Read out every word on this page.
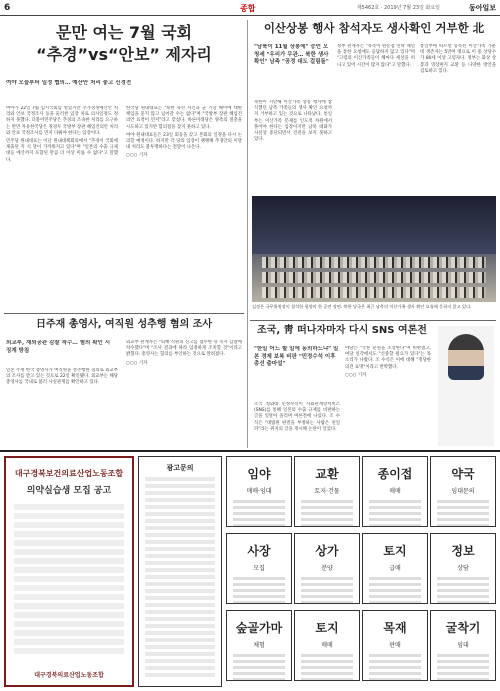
6	종합	제5462호 · 2019년 7월 23일 화요일	동아일보
문만 여는 7월 국회
“추경”vs“안보” 제자리
여야 오늘부터 일정 협의… 예산안 처리 놓고 신경전

여야가 22일 7월 임시국회를 열었지만 추가경정예산안 처리와 안보 국정조사 등을 둘러싼 입장 차로 의사일정도 정하지 못했다. 더불어민주당은 추경의 조속한 처리를 요구하는 반면 자유한국당은 정경두 국방부 장관 해임건의안 처리와 안보 국정조사를 먼저 다뤄야 한다는 입장이다.

민주당 원내대표는 이날 원내대책회의에서 "추경이 국회에 제출된 지 석 달이 가까워지고 있다"며 "일본의 수출 규제 대응 예산까지 포함된 만큼 더 이상 미룰 수 없다"고 말했다.

한국당 원내대표는 "북한 목선 사건과 군 기강 해이에 대한 책임을 묻지 않고 넘어갈 수는 없다"며 "국방부 장관 해임건의안 표결이 먼저"라고 맞섰다. 바른미래당은 양측의 절충을 시도하고 있지만 합의점을 찾지 못하고 있다.

여야 원내대표들은 23일 회동을 갖고 본회의 일정을 다시 논의할 예정이다. 하지만 각 당의 입장이 팽팽해 추경안의 이달 내 처리도 불투명하다는 전망이 나온다.

○○○ 기자

日주재 총영사, 여직원 성추행 혐의 조사
외교부, 재외공관 감찰 착수… 혐의 확인 시 징계 방침

일본 주재 한국 총영사가 여직원을 성추행한 혐의로 외교부의 조사를 받고 있는 것으로 22일 확인됐다. 외교부는 해당 총영사를 국내로 불러 사실관계를 확인하고 있다.

외교부 관계자는 "피해 직원의 신고를 접수한 뒤 즉시 감찰에 착수했다"며 "조사 결과에 따라 엄정하게 조치할 것"이라고 밝혔다. 총영사는 혐의를 부인하는 것으로 알려졌다.

○○○ 기자

이산상봉 행사 참석자도 생사확인 거부한 北
"남북이 11월 상봉에" 증언 오청세 "우리가 무관… 북한 생사 확인" 남측 "공정 대도 걸림돌"

북한이 지난해 이산가족 상봉 행사에 참석했던 남측 가족들의 생사 확인 요청까지 거부하고 있는 것으로 나타났다. 통일부는 이산가족 문제를 인도적 차원에서 풀어야 한다는 입장이지만 남북 대화가 사실상 중단되면서 진전을 보지 못하고 있다.

정부 관계자는 "북측이 판문점 연락 채널을 통한 요청에도 응답하지 않고 있다"며 "고령의 이산가족들이 해마다 세상을 떠나고 있어 시간이 많지 않다"고 말했다.

통일부에 따르면 등록된 이산가족 가운데 생존자는 5만여 명으로 이 중 상당수가 80세 이상 고령자다. 정부는 화상 상봉과 영상편지 교환 등 다양한 방안을 검토하고 있다.

김정은 국무위원장이 참석한 평양의 한 공연 장면. 북한 당국은 최근 남측의 이산가족 생사 확인 요청에 응하지 않고 있다.
조국, 靑 떠나자마자 다시 SNS 여론전
"한일 어느 할 일에 동의하느냐" 일본 경제 보복 비판 "민정수석 이후 총선 출마설"

조국 청와대 민정수석이 사회관계망서비스(SNS)를 통해 일본의 수출 규제를 비판하는 글을 잇달아 올리며 여론전에 나섰다. 조 수석은 "대법원 판결을 부정하는 사람은 친일파"라는 취지의 글을 게시해 논란이 일었다.

야당은 "국론 분열을 조장한다"며 비판했고, 여당 일각에서도 "신중할 필요가 있다"는 목소리가 나왔다. 조 수석은 이에 대해 "정당한 의견 표명"이라고 반박했다.

○○○ 기자

대구경북보건의료산업노동조합
의약실습생 모집 공고
대구경북의료산업노동조합
광고문의	임야
매매·임대
교환
토지·건물
종이접
매매
약국
임대문의
사장
모집
상가
분양
토지
급매
정보
상담
숲골가마
체험
토지
매매
목재
판매
굴착기
임대
